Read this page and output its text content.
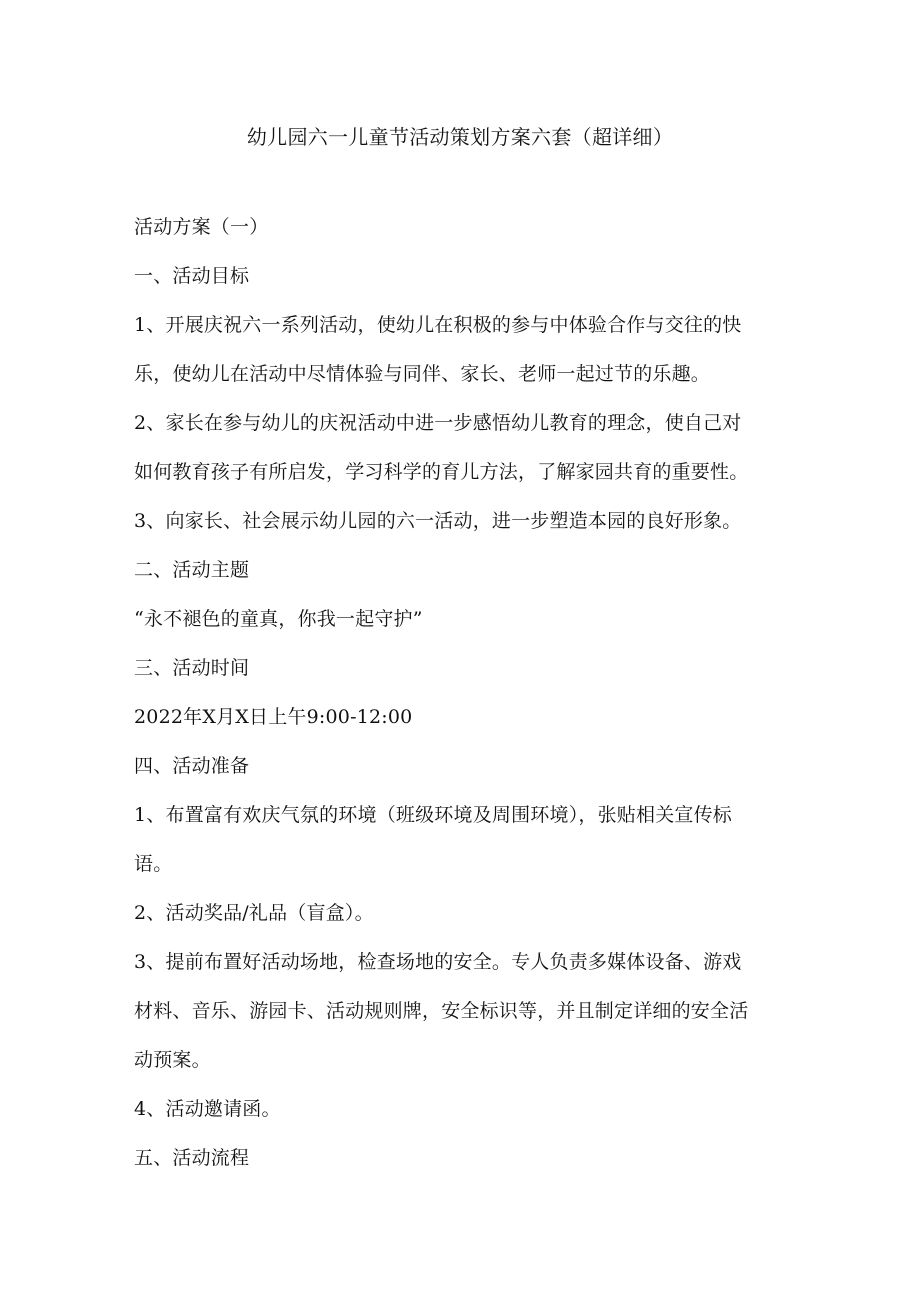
幼儿园六一儿童节活动策划方案六套（超详细）
活动方案（一）
一、活动目标
1、开展庆祝六一系列活动，使幼儿在积极的参与中体验合作与交往的快
乐，使幼儿在活动中尽情体验与同伴、家长、老师一起过节的乐趣。
2、家长在参与幼儿的庆祝活动中进一步感悟幼儿教育的理念，使自己对
如何教育孩子有所启发，学习科学的育儿方法，了解家园共育的重要性。
3、向家长、社会展示幼儿园的六一活动，进一步塑造本园的良好形象。
二、活动主题
“永不褪色的童真，你我一起守护”
三、活动时间
2022年X月X日上午9:00-12:00
四、活动准备
1、布置富有欢庆气氛的环境（班级环境及周围环境），张贴相关宣传标
语。
2、活动奖品/礼品（盲盒）。
3、提前布置好活动场地，检查场地的安全。专人负责多媒体设备、游戏
材料、音乐、游园卡、活动规则牌，安全标识等，并且制定详细的安全活
动预案。
4、活动邀请函。
五、活动流程
